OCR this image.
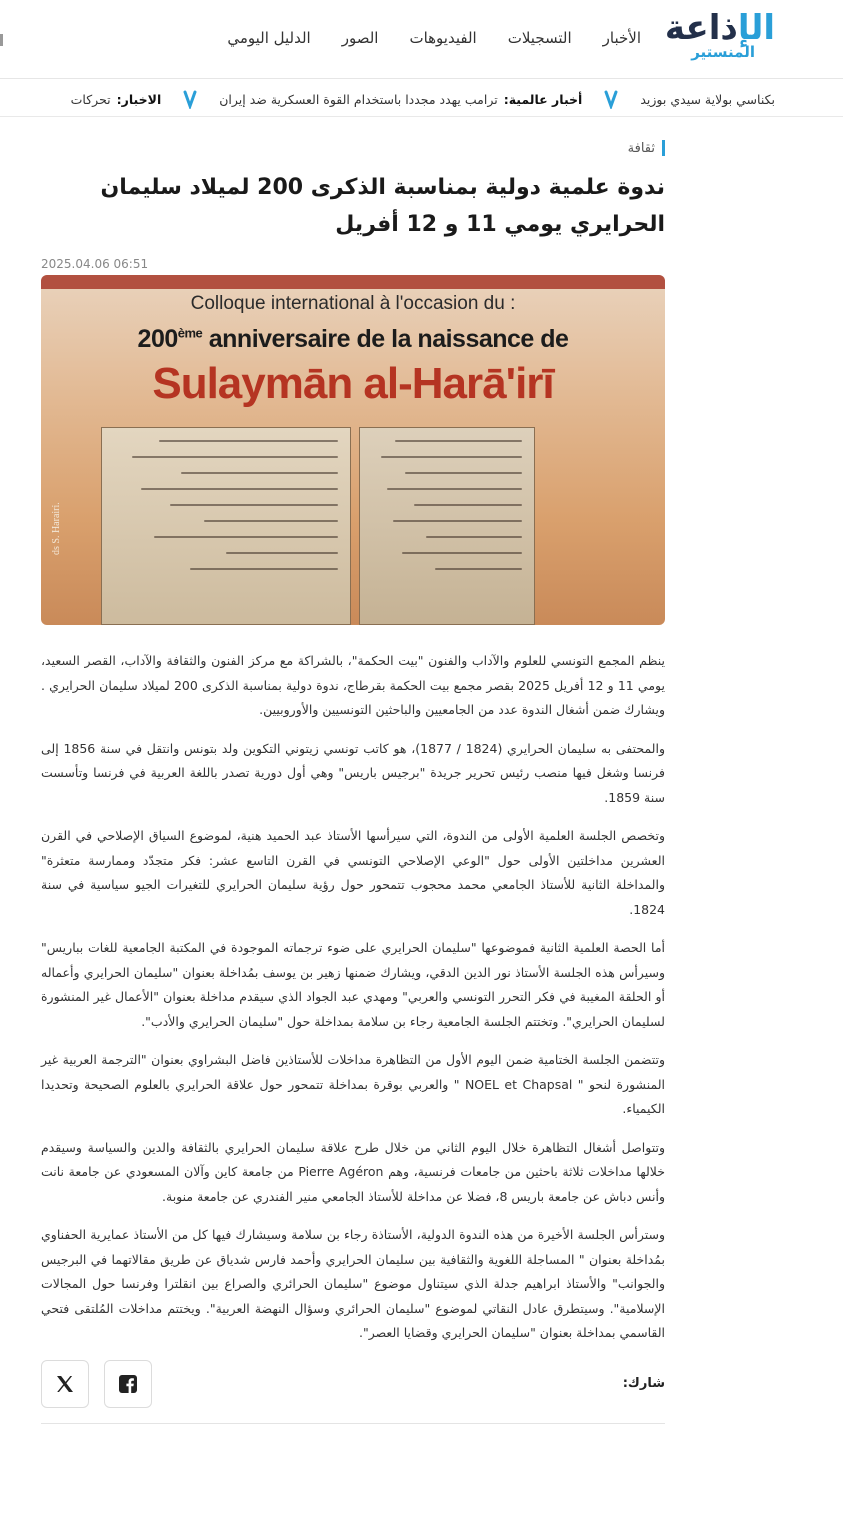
الإذاعة
المنستير
الأخبار
التسجيلات
الفيديوهات
الصور
الدليل اليومي
بكناسي بولاية سيدي بوزيد
أخبار عالمية:
ترامب يهدد مجددا باستخدام القوة العسكرية ضد إيران
الاخبار:
تحركات
ثقافة
ندوة علمية دولية بمناسبة الذكرى 200 لميلاد سليمان الحرايري يومي 11 و 12 أفريل
2025.04.06 06:51
Colloque international à l'occasion du :
200ème anniversaire de la naissance de
Sulaymān al-Harā'irī
ds S. Harairi.

ينظم المجمع التونسي للعلوم والآداب والفنون "بيت الحكمة"، بالشراكة مع مركز الفنون والثقافة والآداب، القصر السعيد، يومي 11 و 12 أفريل 2025 بقصر مجمع بيت الحكمة بقرطاج، ندوة دولية بمناسبة الذكرى 200 لميلاد سليمان الحرايري . ويشارك ضمن أشغال الندوة عدد من الجامعيين والباحثين التونسيين والأوروبيين.

والمحتفى به سليمان الحرايري (1824 / 1877)، هو كاتب تونسي زيتوني التكوين ولد بتونس وانتقل في سنة 1856 إلى فرنسا وشغل فيها منصب رئيس تحرير جريدة "برجيس باريس" وهي أول دورية تصدر باللغة العربية في فرنسا وتأسست سنة 1859.

وتخصص الجلسة العلمية الأولى من الندوة، التي سيرأسها الأستاذ عبد الحميد هنية، لموضوع السياق الإصلاحي في القرن العشرين مداخلتين الأولى حول "الوعي الإصلاحي التونسي في القرن التاسع عشر: فكر متجدّد وممارسة متعثرة" والمداخلة الثانية للأستاذ الجامعي محمد محجوب تتمحور حول رؤية سليمان الحرايري للتغيرات الجيو سياسية في سنة 1824.

أما الحصة العلمية الثانية فموضوعها "سليمان الحرايري على ضوء ترجماته الموجودة في المكتبة الجامعية للغات بباريس" وسيرأس هذه الجلسة الأستاذ نور الدين الدقي، ويشارك ضمنها زهير بن يوسف بمُداخلة بعنوان "سليمان الحرايري وأعماله أو الحلقة المغيبة في فكر التحرر التونسي والعربي" ومهدي عبد الجواد الذي سيقدم مداخلة بعنوان "الأعمال غير المنشورة لسليمان الحرايري". وتختتم الجلسة الجامعية رجاء بن سلامة بمداخلة حول "سليمان الحرايري والأدب".

وتتضمن الجلسة الختامية ضمن اليوم الأول من التظاهرة مداخلات للأستاذين فاضل البشراوي بعنوان "الترجمة العربية غير المنشورة لنحو " NOEL et Chapsal " والعربي بوقرة بمداخلة تتمحور حول علاقة الحرايري بالعلوم الصحيحة وتحديدا الكيمياء.

وتتواصل أشغال التظاهرة خلال اليوم الثاني من خلال طرح علاقة سليمان الحرايري بالثقافة والدين والسياسة وسيقدم خلالها مداخلات ثلاثة باحثين من جامعات فرنسية، وهم Pierre Agéron من جامعة كاين وآلان المسعودي عن جامعة نانت وأنس دباش عن جامعة باريس 8، فضلا عن مداخلة للأستاذ الجامعي منير الفندري عن جامعة منوبة.

وسترأس الجلسة الأخيرة من هذه الندوة الدولية، الأستاذة رجاء بن سلامة وسيشارك فيها كل من الأستاذ عمايرية الحفناوي بمُداخلة بعنوان " المساجلة اللغوية والثقافية بين سليمان الحرايري وأحمد فارس شدياق عن طريق مقالاتهما في البرجيس والجوانب" والأستاذ ابراهيم جدلة الذي سيتناول موضوع "سليمان الحرائري والصراع بين انقلترا وفرنسا حول المجالات الإسلامية". وسيتطرق عادل النقاتي لموضوع "سليمان الحرائري وسؤال النهضة العربية". ويختتم مداخلات المُلتقى فتحي القاسمي بمداخلة بعنوان "سليمان الحرايري وقضايا العصر".

شارك:
